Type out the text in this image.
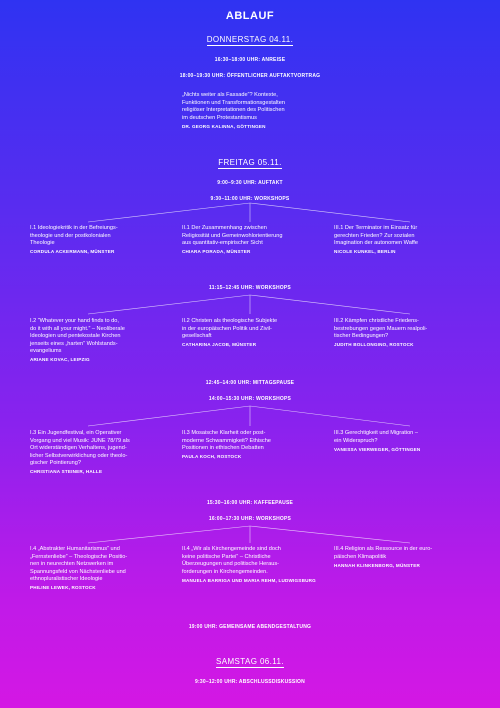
ABLAUF
DONNERSTAG 04.11.
16:30–18:00 UHR: ANREISE
18:00–19:30 UHR: ÖFFENTLICHER AUFTAKTVORTRAG
„Nichts weiter als Fassade“? Kontexte,
Funktionen und Transformationsgestalten
religiöser Interpretationen des Politischen
im deutschen Protestantismus
DR. GEORG KALINNA, GÖTTINGEN
FREITAG 05.11.
9:00–9:30 UHR: AUFTAKT
9:30–11:00 UHR: WORKSHOPS
I.1 Ideologiekritik in der Befreiungs-
theologie und der postkolonialen
Theologie
CORDULA ACKERMANN, MÜNSTER
II.1 Der Zusammenhang zwischen
Religiosität und Gemeinwohlorientierung
aus quantitativ-empirischer Sicht
CHIARA PORADA, MÜNSTER
III.1 Der Terminator im Einsatz für
gerechten Frieden? Zur sozialen
Imagination der autonomen Waffe
NICOLE KUNKEL, BERLIN
11:15–12:45 UHR: WORKSHOPS
I.2 “Whatever your hand finds to do,
do it with all your might.” – Neoliberale
Ideologien und pentekostale Kirchen
jenseits eines „harten“ Wohlstands-
evangeliums
ARIANE KOVAC, LEIPZIG
II.2 Christen als theologische Subjekte
in der europäischen Politik und Zivil-
gesellschaft
CATHARINA JACOB, MÜNSTER
III.2 Kämpfen christliche Friedens-
bestrebungen gegen Mauern realpoli-
tischer Bedingungen?
JUDITH BOLLONGINO, ROSTOCK
12:45–14:00 UHR: MITTAGSPAUSE
14:00–15:30 UHR: WORKSHOPS
I.3 Ein Jugendfestival, ein Operativer
Vorgang und viel Musik: JUNE 78/79 als
Ort widerständigen Verhaltens, jugend-
licher Selbstverwirklichung oder theolo-
gischer Pointierung?
CHRISTIANA STEINER, HALLE
II.3 Mosaische Klarheit oder post-
moderne Schwammigkeit? Ethische
Positionen in ethischen Debatten
PAULA KOCH, ROSTOCK
III.3 Gerechtigkeit und Migration –
ein Widerspruch?
VANESSA VIERWEGER, GÖTTINGEN
15:30–16:00 UHR: KAFFEEPAUSE
16:00–17:30 UHR: WORKSHOPS
I.4 „Abstrakter Humanitarismus“ und
„Fernstenliebe“ – Theologische Positio-
nen in neurechten Netzwerken im
Spannungsfeld von Nächstenliebe und
ethnopluralistischer Ideologie
PHILINE LEWEK, ROSTOCK
II.4 „Wir als Kirchengemeinde sind doch
keine politische Partei“ – Christliche
Überzeugungen und politische Heraus-
forderungen in Kirchengemeinden.
MANUELA BARRIGA UND MARIA REHM, LUDWIGSBURG
III.4 Religion als Ressource in der euro-
päischen Klimapolitik
HANNAH KLINKENBORG, MÜNSTER
19:00 UHR: GEMEINSAME ABENDGESTALTUNG
SAMSTAG 06.11.
9:30–12:00 UHR: ABSCHLUSSDISKUSSION
